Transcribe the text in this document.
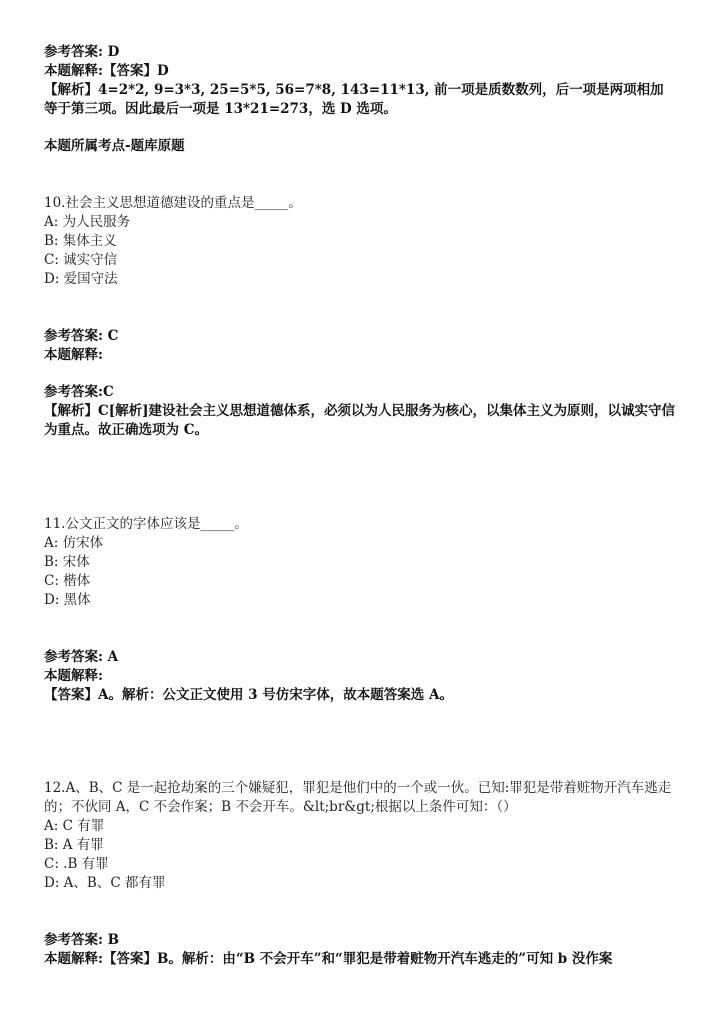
参考答案: D
本题解释:【答案】D
【解析】4=2*2, 9=3*3, 25=5*5, 56=7*8, 143=11*13, 前一项是质数数列，后一项是两项相加等于第三项。因此最后一项是 13*21=273，选 D 选项。
本题所属考点-题库原题
10.社会主义思想道德建设的重点是_____。
A: 为人民服务
B: 集体主义
C: 诚实守信
D: 爱国守法
参考答案: C
本题解释:
参考答案:C
【解析】C[解析]建设社会主义思想道德体系，必须以为人民服务为核心，以集体主义为原则，以诚实守信为重点。故正确选项为 C。
11.公文正文的字体应该是_____。
A: 仿宋体
B: 宋体
C: 楷体
D: 黑体
参考答案: A
本题解释:
【答案】A。解析：公文正文使用 3 号仿宋字体，故本题答案选 A。
12.A、B、C 是一起抢劫案的三个嫌疑犯，罪犯是他们中的一个或一伙。已知:罪犯是带着赃物开汽车逃走的；不伙同 A，C 不会作案；B 不会开车。&lt;br&gt;根据以上条件可知：（）
A: C 有罪
B: A 有罪
C: .B 有罪
D: A、B、C 都有罪
参考答案: B
本题解释:【答案】B。解析：由“B 不会开车”和“罪犯是带着赃物开汽车逃走的”可知 b 没作案
